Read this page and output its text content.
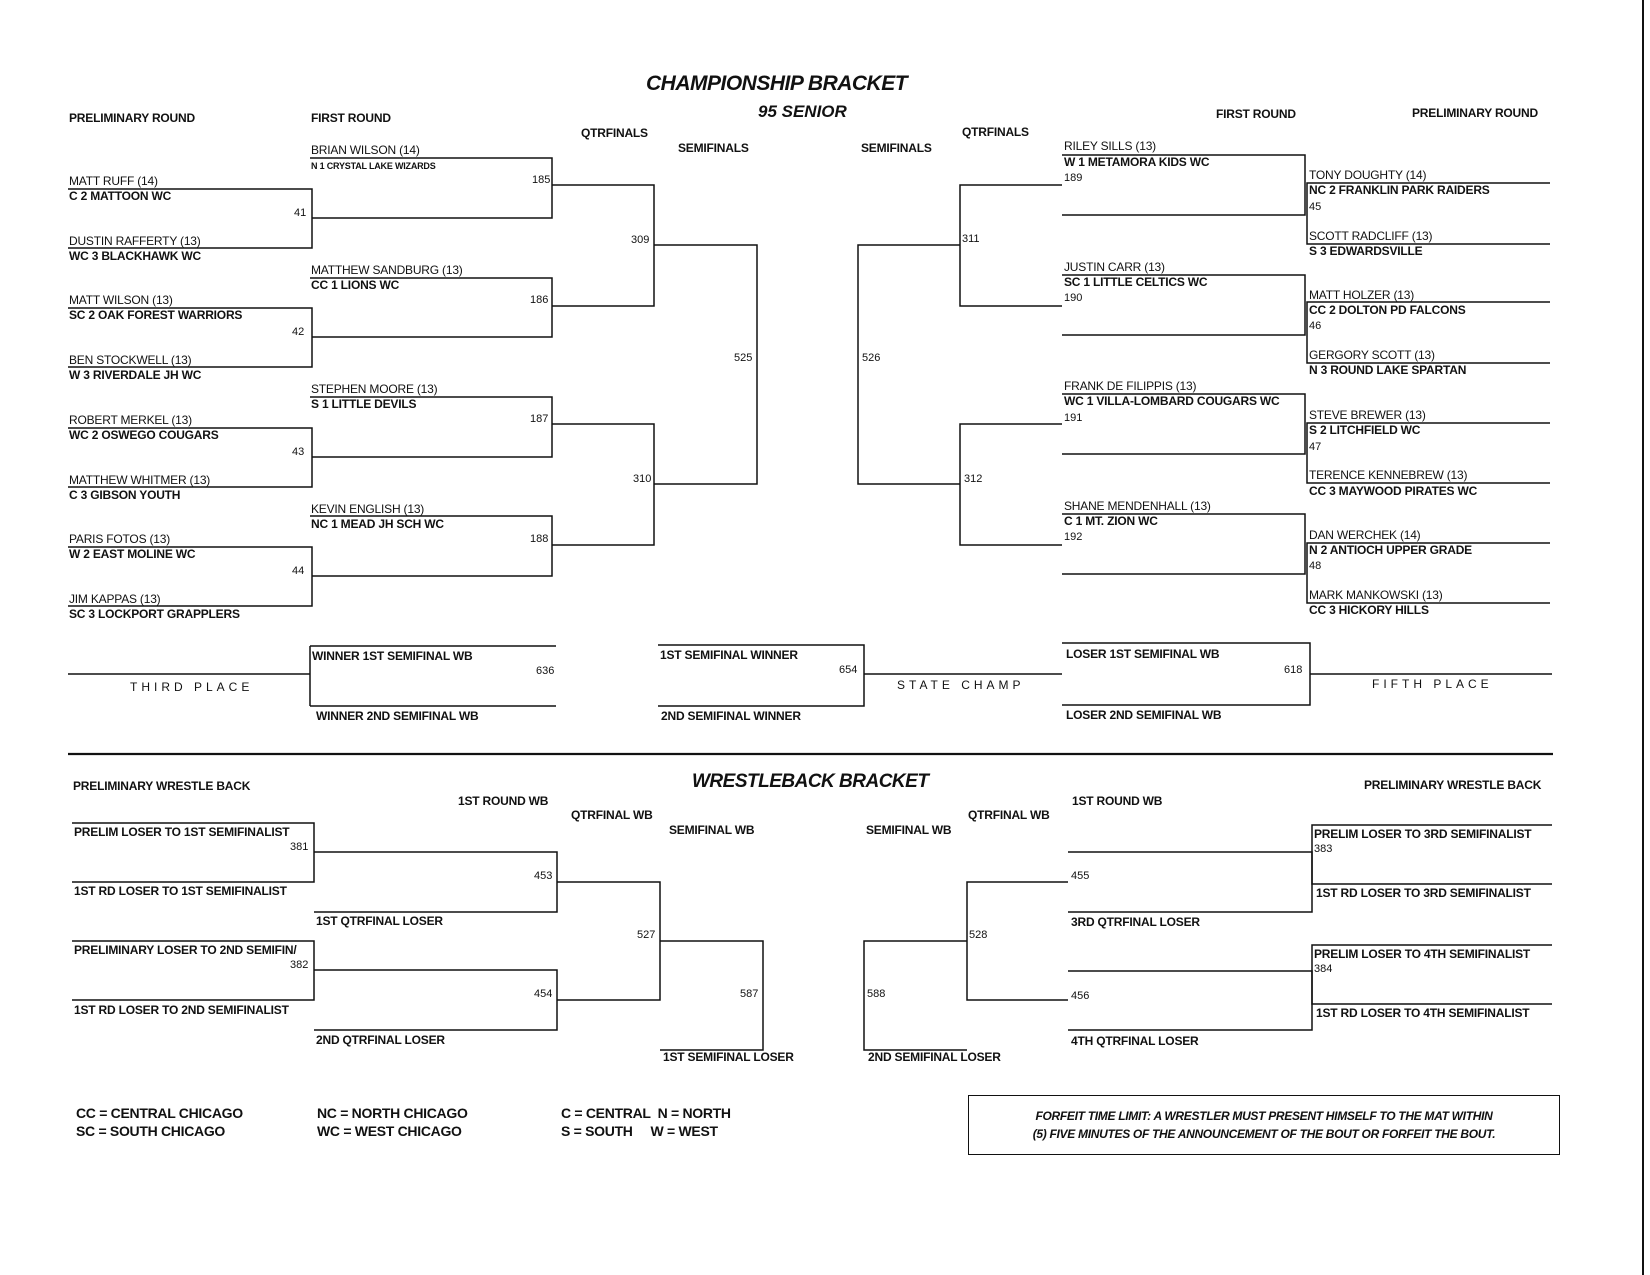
CHAMPIONSHIP BRACKET
95 SENIOR
PRELIMINARY ROUND	FIRST ROUND
QTRFINALS
SEMIFINALS	SEMIFINALS
QTRFINALS
FIRST ROUND	PRELIMINARY ROUND
MATT RUFF (14)
C 2 MATTOON WC
DUSTIN RAFFERTY (13)
WC 3 BLACKHAWK WC
MATT WILSON (13)
SC 2 OAK FOREST WARRIORS
BEN STOCKWELL (13)
W 3 RIVERDALE JH WC
ROBERT MERKEL (13)
WC 2 OSWEGO COUGARS
MATTHEW WHITMER (13)
C 3 GIBSON YOUTH
PARIS FOTOS (13)
W 2 EAST MOLINE WC
JIM KAPPAS (13)
SC 3 LOCKPORT GRAPPLERS
41
42
43
44
BRIAN WILSON (14)
N 1 CRYSTAL LAKE WIZARDS
MATTHEW SANDBURG (13)
CC 1 LIONS WC
STEPHEN MOORE (13)
S 1 LITTLE DEVILS
KEVIN ENGLISH (13)
NC 1 MEAD JH SCH WC
185
186
187
188
309
310
525	526
311
312
RILEY SILLS (13)
W 1 METAMORA KIDS WC
189
JUSTIN CARR (13)
SC 1 LITTLE CELTICS WC
190
FRANK DE FILIPPIS (13)
WC 1 VILLA-LOMBARD COUGARS WC
191
SHANE MENDENHALL (13)
C 1 MT. ZION WC
192
TONY DOUGHTY (14)
NC 2 FRANKLIN PARK RAIDERS
45
SCOTT RADCLIFF (13)
S 3 EDWARDSVILLE
MATT HOLZER (13)
CC 2 DOLTON PD FALCONS
46
GERGORY SCOTT (13)
N 3 ROUND LAKE SPARTAN
STEVE BREWER (13)
S 2 LITCHFIELD WC
47
TERENCE KENNEBREW (13)
CC 3 MAYWOOD PIRATES WC
DAN WERCHEK (14)
N 2 ANTIOCH UPPER GRADE
48
MARK MANKOWSKI (13)
CC 3 HICKORY HILLS
THIRD PLACE
WINNER 1ST SEMIFINAL WB
636
WINNER 2ND SEMIFINAL WB
1ST SEMIFINAL WINNER
654
2ND SEMIFINAL WINNER
STATE CHAMP
LOSER 1ST SEMIFINAL WB
618
LOSER 2ND SEMIFINAL WB
FIFTH PLACE
WRESTLEBACK BRACKET
PRELIMINARY WRESTLE BACK
1ST ROUND WB
QTRFINAL WB
SEMIFINAL WB	SEMIFINAL WB
QTRFINAL WB
1ST ROUND WB
PRELIMINARY WRESTLE BACK
PRELIM LOSER TO 1ST SEMIFINALIST
381
1ST RD LOSER TO 1ST SEMIFINALIST
PRELIMINARY LOSER TO 2ND SEMIFIN/
382
1ST RD LOSER TO 2ND SEMIFINALIST
453
1ST QTRFINAL LOSER
454
2ND QTRFINAL LOSER
527
587
1ST SEMIFINAL LOSER
588
2ND SEMIFINAL LOSER
528
455
3RD QTRFINAL LOSER
456
4TH QTRFINAL LOSER
PRELIM LOSER TO 3RD SEMIFINALIST
383
1ST RD LOSER TO 3RD SEMIFINALIST
PRELIM LOSER TO 4TH SEMIFINALIST
384
1ST RD LOSER TO 4TH SEMIFINALIST
CC = CENTRAL CHICAGO
SC = SOUTH CHICAGO
NC = NORTH CHICAGO
WC = WEST CHICAGO
C = CENTRAL  N = NORTH
S = SOUTH     W = WEST
FORFEIT TIME LIMIT: A WRESTLER MUST PRESENT HIMSELF TO THE MAT WITHIN
(5) FIVE MINUTES OF THE ANNOUNCEMENT OF THE BOUT OR FORFEIT THE BOUT.
